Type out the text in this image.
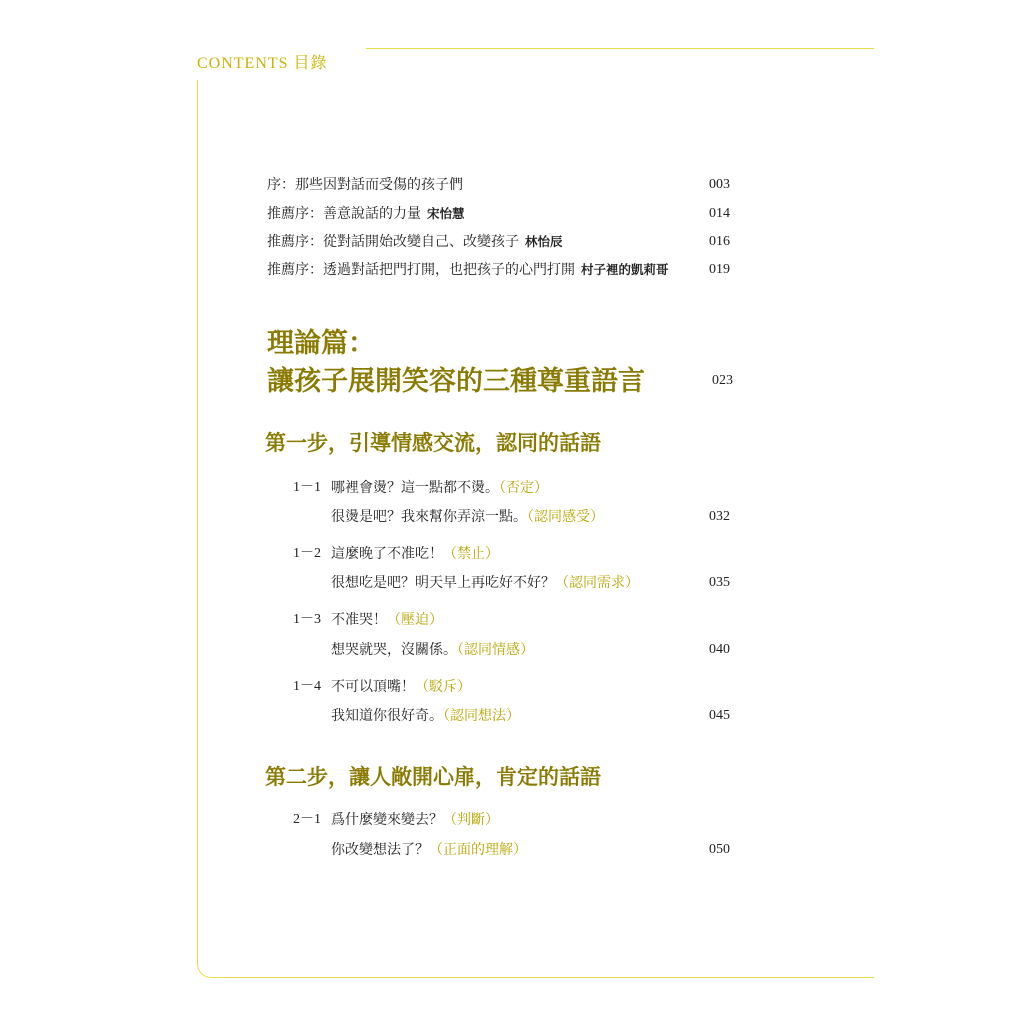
CONTENTS 目錄
序：那些因對話而受傷的孩子們	003
推薦序：善意說話的力量 宋怡慧	014
推薦序：從對話開始改變自己、改變孩子 林怡辰	016
推薦序：透過對話把門打開，也把孩子的心門打開 村子裡的凱莉哥	019
理論篇：
讓孩子展開笑容的三種尊重語言	023
第一步，引導情感交流，認同的話語
1－1 哪裡會燙？這一點都不燙。（否定）
很燙是吧？我來幫你弄涼一點。（認同感受）	032
1－2 這麼晚了不准吃！（禁止）
很想吃是吧？明天早上再吃好不好？（認同需求）	035
1－3 不准哭！（壓迫）
想哭就哭，沒關係。（認同情感）	040
1－4 不可以頂嘴！（駁斥）
我知道你很好奇。（認同想法）	045
第二步，讓人敞開心扉，肯定的話語
2－1 爲什麼變來變去？（判斷）
你改變想法了？（正面的理解）	050
